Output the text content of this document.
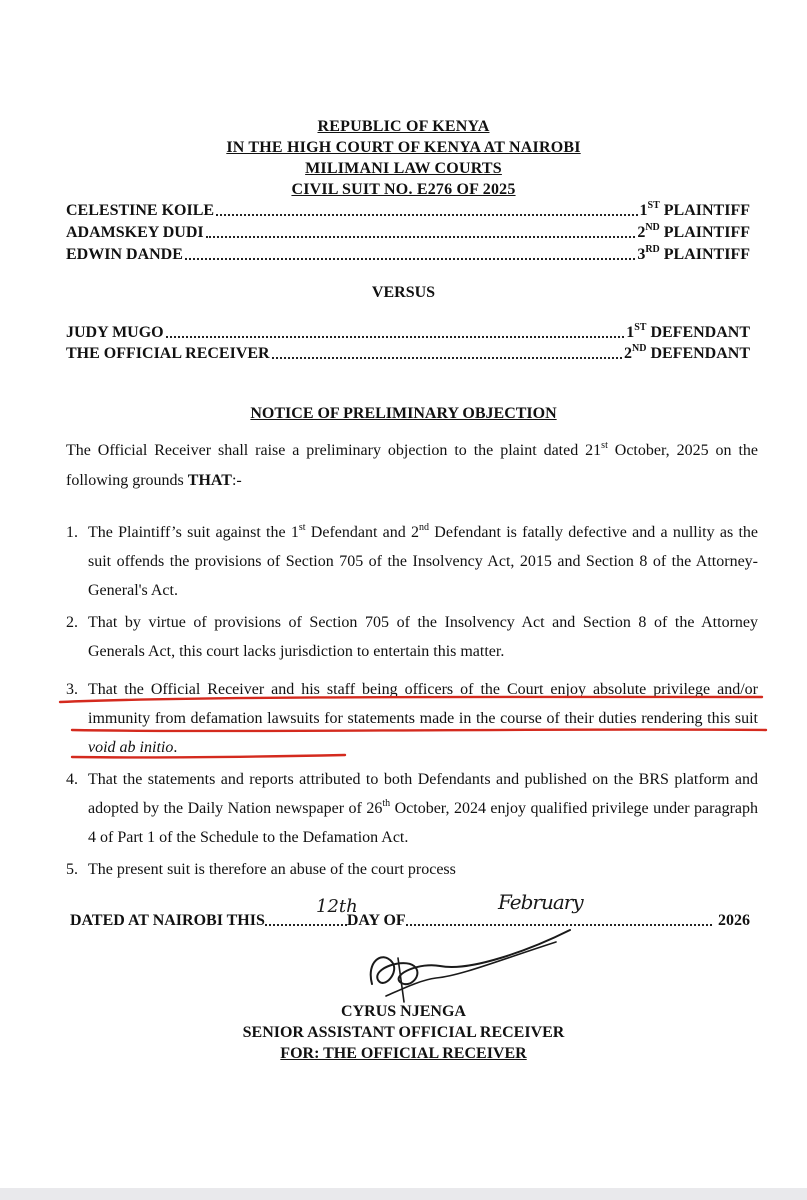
REPUBLIC OF KENYA
IN THE HIGH COURT OF KENYA AT NAIROBI
MILIMANI LAW COURTS
CIVIL SUIT NO. E276 OF 2025
CELESTINE KOILE	1ST PLAINTIFF
ADAMSKEY DUDI	2ND PLAINTIFF
EDWIN DANDE	3RD PLAINTIFF
VERSUS
JUDY MUGO	1ST DEFENDANT
THE OFFICIAL RECEIVER	2ND DEFENDANT
NOTICE OF PRELIMINARY OBJECTION
The Official Receiver shall raise a preliminary objection to the plaint dated 21st October, 2025 on the following grounds THAT:-
1. The Plaintiff’s suit against the 1st Defendant and 2nd Defendant is fatally defective and a nullity as the suit offends the provisions of Section 705 of the Insolvency Act, 2015 and Section 8 of the Attorney-General's Act.
2. That by virtue of provisions of Section 705 of the Insolvency Act and Section 8 of the Attorney Generals Act, this court lacks jurisdiction to entertain this matter.
3. That the Official Receiver and his staff being officers of the Court enjoy absolute privilege and/or immunity from defamation lawsuits for statements made in the course of their duties rendering this suit void ab initio.
4. That the statements and reports attributed to both Defendants and published on the BRS platform and adopted by the Daily Nation newspaper of 26th October, 2024 enjoy qualified privilege under paragraph 4 of Part 1 of the Schedule to the Defamation Act.
5. The present suit is therefore an abuse of the court process
DATED AT NAIROBI THIS	DAY OF	2026
12th	February
CYRUS NJENGA
SENIOR ASSISTANT OFFICIAL RECEIVER
FOR: THE OFFICIAL RECEIVER
